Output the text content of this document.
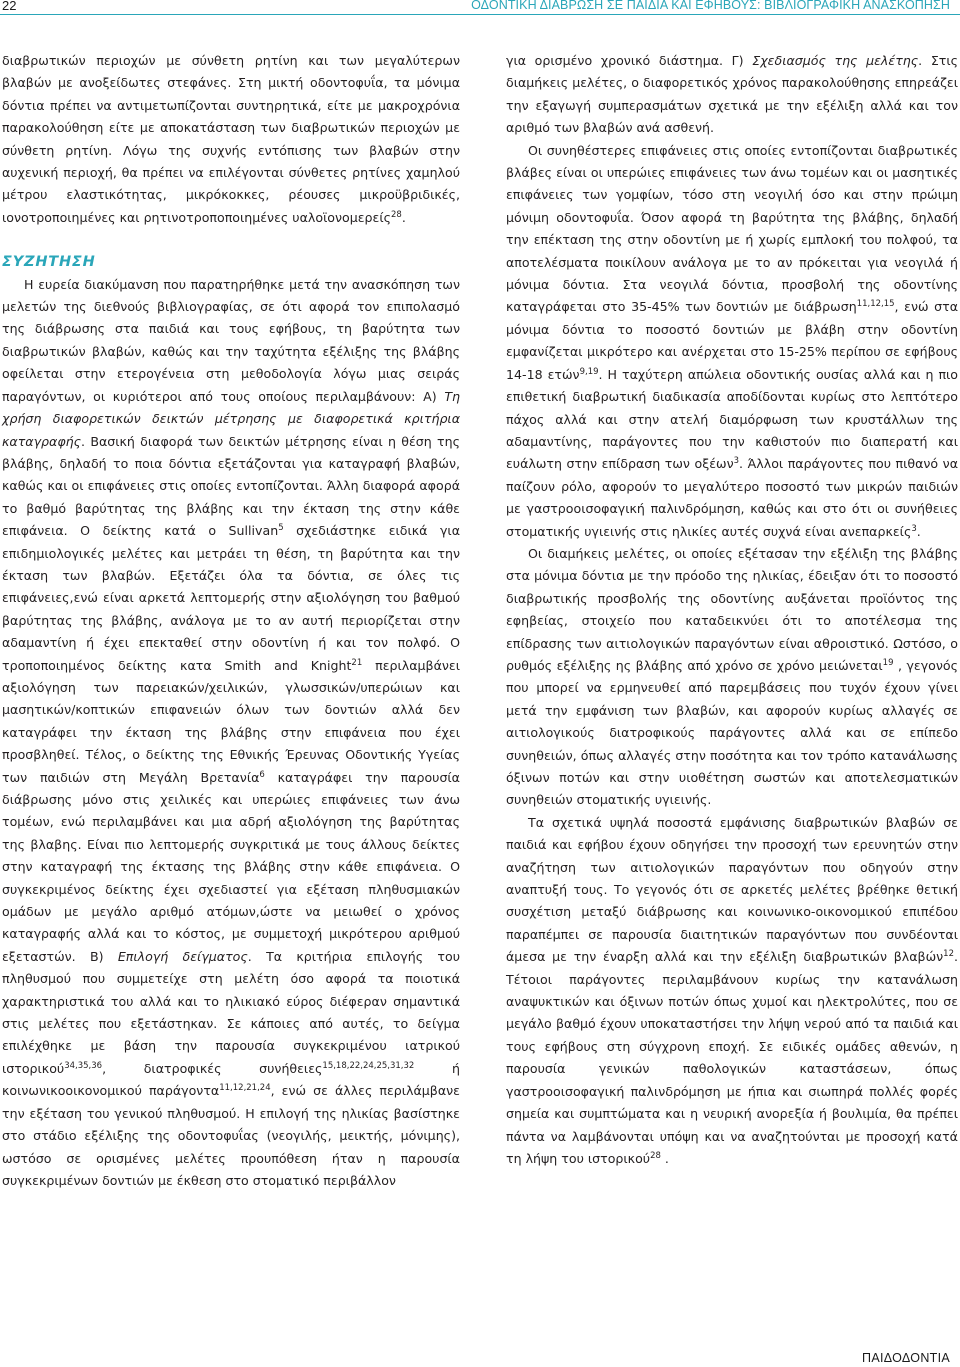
22	ΟΔΟΝΤΙΚΗ ΔΙΑΒΡΩΣΗ ΣΕ ΠΑΙΔΙΑ ΚΑΙ ΕΦΗΒΟΥΣ: ΒΙΒΛΙΟΓΡΑΦΙΚΗ ΑΝΑΣΚΟΠΗΣΗ

διαβρωτικών περιοχών με σύνθετη ρητίνη και των μεγαλύτερων βλαβών με ανοξείδωτες στεφάνες. Στη μικτή οδοντοφυΐα, τα μόνιμα δόντια πρέπει να αντιμετωπίζονται συντηρητικά, είτε με μακροχρόνια παρακολούθηση είτε με αποκατάσταση των διαβρωτικών περιοχών με σύνθετη ρητίνη. Λόγω της συχνής εντόπισης των βλαβών στην αυχενική περιοχή, θα πρέπει να επιλέγονται σύνθετες ρητίνες χαμηλού μέτρου ελαστικότητας, μικρόκοκκες, ρέουσες μικροϋβριδικές, ιονοτροποιημένες και ρητινοτροποποιημένες υαλοϊονομερείς$^{28}$.

ΣΥΖΗΤΗΣΗ

Η ευρεία διακύμανση που παρατηρήθηκε μετά την ανασκόπηση των μελετών της διεθνούς βιβλιογραφίας, σε ότι αφορά τον επιπολασμό της διάβρωσης στα παιδιά και τους εφήβους, τη βαρύτητα των διαβρωτικών βλαβών, καθώς και την ταχύτητα εξέλιξης της βλάβης οφείλεται στην ετερογένεια στη μεθοδολογία λόγω μιας σειράς παραγόντων, οι κυριότεροι από τους οποίους περιλαμβάνουν: Α) Τη χρήση διαφορετικών δεικτών μέτρησης με διαφορετικά κριτήρια καταγραφής. Βασική διαφορά των δεικτών μέτρησης είναι η θέση της βλάβης, δηλαδή το ποια δόντια εξετάζονται για καταγραφή βλαβών, καθώς και οι επιφάνειες στις οποίες εντοπίζονται. Άλλη διαφορά αφορά το βαθμό βαρύτητας της βλάβης και την έκταση της στην κάθε επιφάνεια. Ο δείκτης κατά ο Sullivan$^5$ σχεδιάστηκε ειδικά για επιδημιολογικές μελέτες και μετράει τη θέση, τη βαρύτητα και την έκταση των βλαβών. Εξετάζει όλα τα δόντια, σε όλες τις επιφάνειες,ενώ είναι αρκετά λεπτομερής στην αξιολόγηση του βαθμού βαρύτητας της βλάβης, ανάλογα με το αν αυτή περιορίζεται στην αδαμαντίνη ή έχει επεκταθεί στην οδοντίνη ή και τον πολφό. Ο τροποποιημένος δείκτης κατα Smith and Knight$^{21}$ περιλαμβάνει αξιολόγηση των παρειακών/χειλικών, γλωσσικών/υπερώιων και μασητικών/κοπτικών επιφανειών όλων των δοντιών αλλά δεν καταγράφει την έκταση της βλάβης στην επιφάνεια που έχει προσβληθεί. Τέλος, ο δείκτης της Εθνικής Έρευνας Οδοντικής Υγείας των παιδιών στη Μεγάλη Βρετανία$^6$ καταγράφει την παρουσία διάβρωσης μόνο στις χειλικές και υπερώιες επιφάνειες των άνω τομέων, ενώ περιλαμβάνει και μια αδρή αξιολόγηση της βαρύτητας της βλαβης. Είναι πιο λεπτομερής συγκριτικά με τους άλλους δείκτες στην καταγραφή της έκτασης της βλάβης στην κάθε επιφάνεια. Ο συγκεκριμένος δείκτης έχει σχεδιαστεί για εξέταση πληθυσμιακών ομάδων με μεγάλο αριθμό ατόμων,ώστε να μειωθεί ο χρόνος καταγραφής αλλά και το κόστος, με συμμετοχή μικρότερου αριθμού εξεταστών. Β) Επιλογή δείγματος. Τα κριτήρια επιλογής του πληθυσμού που συμμετείχε στη μελέτη όσο αφορά τα ποιοτικά χαρακτηριστικά του αλλά και το ηλικιακό εύρος διέφεραν σημαντικά στις μελέτες που εξετάστηκαν. Σε κάποιες από αυτές, το δείγμα επιλέχθηκε με βάση την παρουσία συγκεκριμένου ιατρικού ιστορικού$^{34,35,36}$, διατροφικές συνήθειες$^{15,18,22,24,25,31,32}$ ή κοινωνικοοικονομικού παράγοντα$^{11,12,21,24}$, ενώ σε άλλες περιλάμβανε την εξέταση του γενικού πληθυσμού. Η επιλογή της ηλικίας βασίστηκε στο στάδιο εξέλιξης της οδοντοφυΐας (νεογιλής, μεικτής, μόνιμης), ωστόσο σε ορισμένες μελέτες προυπόθεση ήταν η παρουσία συγκεκριμένων δοντιών με έκθεση στο στοματικό περιβάλλον

για ορισμένο χρονικό διάστημα. Γ) Σχεδιασμός της μελέτης. Στις διαμήκεις μελέτες, ο διαφορετικός χρόνος παρακολούθησης επηρεάζει την εξαγωγή συμπερασμάτων σχετικά με την εξέλιξη αλλά και τον αριθμό των βλαβών ανά ασθενή.

Οι συνηθέστερες επιφάνειες στις οποίες εντοπίζονται διαβρωτικές βλάβες είναι οι υπερώιες επιφάνειες των άνω τομέων και οι μασητικές επιφάνειες των γομφίων, τόσο στη νεογιλή όσο και στην πρώιμη μόνιμη οδοντοφυΐα. Όσον αφορά τη βαρύτητα της βλάβης, δηλαδή την επέκταση της στην οδοντίνη με ή χωρίς εμπλοκή του πολφού, τα αποτελέσματα ποικίλουν ανάλογα με το αν πρόκειται για νεογιλά ή μόνιμα δόντια. Στα νεογιλά δόντια, προσβολή της οδοντίνης καταγράφεται στο 35-45% των δοντιών με διάβρωση$^{11,12,15}$, ενώ στα μόνιμα δόντια το ποσοστό δοντιών με βλάβη στην οδοντίνη εμφανίζεται μικρότερο και ανέρχεται στο 15-25% περίπου σε εφήβους 14-18 ετών$^{9,19}$. Η ταχύτερη απώλεια οδοντικής ουσίας αλλά και η πιο επιθετική διαβρωτική διαδικασία αποδίδονται κυρίως στο λεπτότερο πάχος αλλά και στην ατελή διαμόρφωση των κρυστάλλων της αδαμαντίνης, παράγοντες που την καθιστούν πιο διαπερατή και ευάλωτη στην επίδραση των οξέων$^3$. Άλλοι παράγοντες που πιθανό να παίζουν ρόλο, αφορούν το μεγαλύτερο ποσοστό των μικρών παιδιών με γαστροοισοφαγική παλινδρόμηση, καθώς και στο ότι οι συνήθειες στοματικής υγιεινής στις ηλικίες αυτές συχνά είναι ανεπαρκείς$^3$.

Οι διαμήκεις μελέτες, οι οποίες εξέτασαν την εξέλιξη της βλάβης στα μόνιμα δόντια με την πρόοδο της ηλικίας, έδειξαν ότι το ποσοστό διαβρωτικής προσβολής της οδοντίνης αυξάνεται προϊόντος της εφηβείας, στοιχείο που καταδεικνύει ότι το αποτέλεσμα της επίδρασης των αιτιολογικών παραγόντων είναι αθροιστικό. Ωστόσο, ο ρυθμός εξέλιξης ης βλάβης από χρόνο σε χρόνο μειώνεται$^{19}$ , γεγονός που μπορεί να ερμηνευθεί από παρεμβάσεις που τυχόν έχουν γίνει μετά την εμφάνιση των βλαβών, και αφορούν κυρίως αλλαγές σε αιτιολογικούς διατροφικούς παράγοντες αλλά και σε επίπεδο συνηθειών, όπως αλλαγές στην ποσότητα και τον τρόπο κατανάλωσης όξινων ποτών και στην υιοθέτηση σωστών και αποτελεσματικών συνηθειών στοματικής υγιεινής.

Τα σχετικά υψηλά ποσοστά εμφάνισης διαβρωτικών βλαβών σε παιδιά και εφήβου έχουν οδηγήσει την προσοχή των ερευνητών στην αναζήτηση των αιτιολογικών παραγόντων που οδηγούν στην αναπτυξή τους. Το γεγονός ότι σε αρκετές μελέτες βρέθηκε θετική συσχέτιση μεταξύ διάβρωσης και κοινωνικο-οικονομικού επιπέδου παραπέμπει σε παρουσία διαιτητικών παραγόντων που συνδέονται άμεσα με την έναρξη αλλά και την εξέλιξη διαβρωτικών βλαβών$^{12}$. Τέτοιοι παράγοντες περιλαμβάνουν κυρίως την κατανάλωση αναψυκτικών και όξινων ποτών όπως χυμοί και ηλεκτρολύτες, που σε μεγάλο βαθμό έχουν υποκαταστήσει την λήψη νερού από τα παιδιά και τους εφήβους στη σύγχρονη εποχή. Σε ειδικές ομάδες αθενών, η παρουσία γενικών παθολογικών καταστάσεων, όπως γαστροοισοφαγική παλινδρόμηση με ήπια και σιωπηρά πολλές φορές σημεία και συμπτώματα και η νευρική ανορεξία ή βουλιμία, θα πρέπει πάντα να λαμβάνονται υπόψη και να αναζητούνται με προσοχή κατά τη λήψη του ιστορικού$^{28}$ .

ΠΑΙΔΟΔΟΝΤΙΑ
